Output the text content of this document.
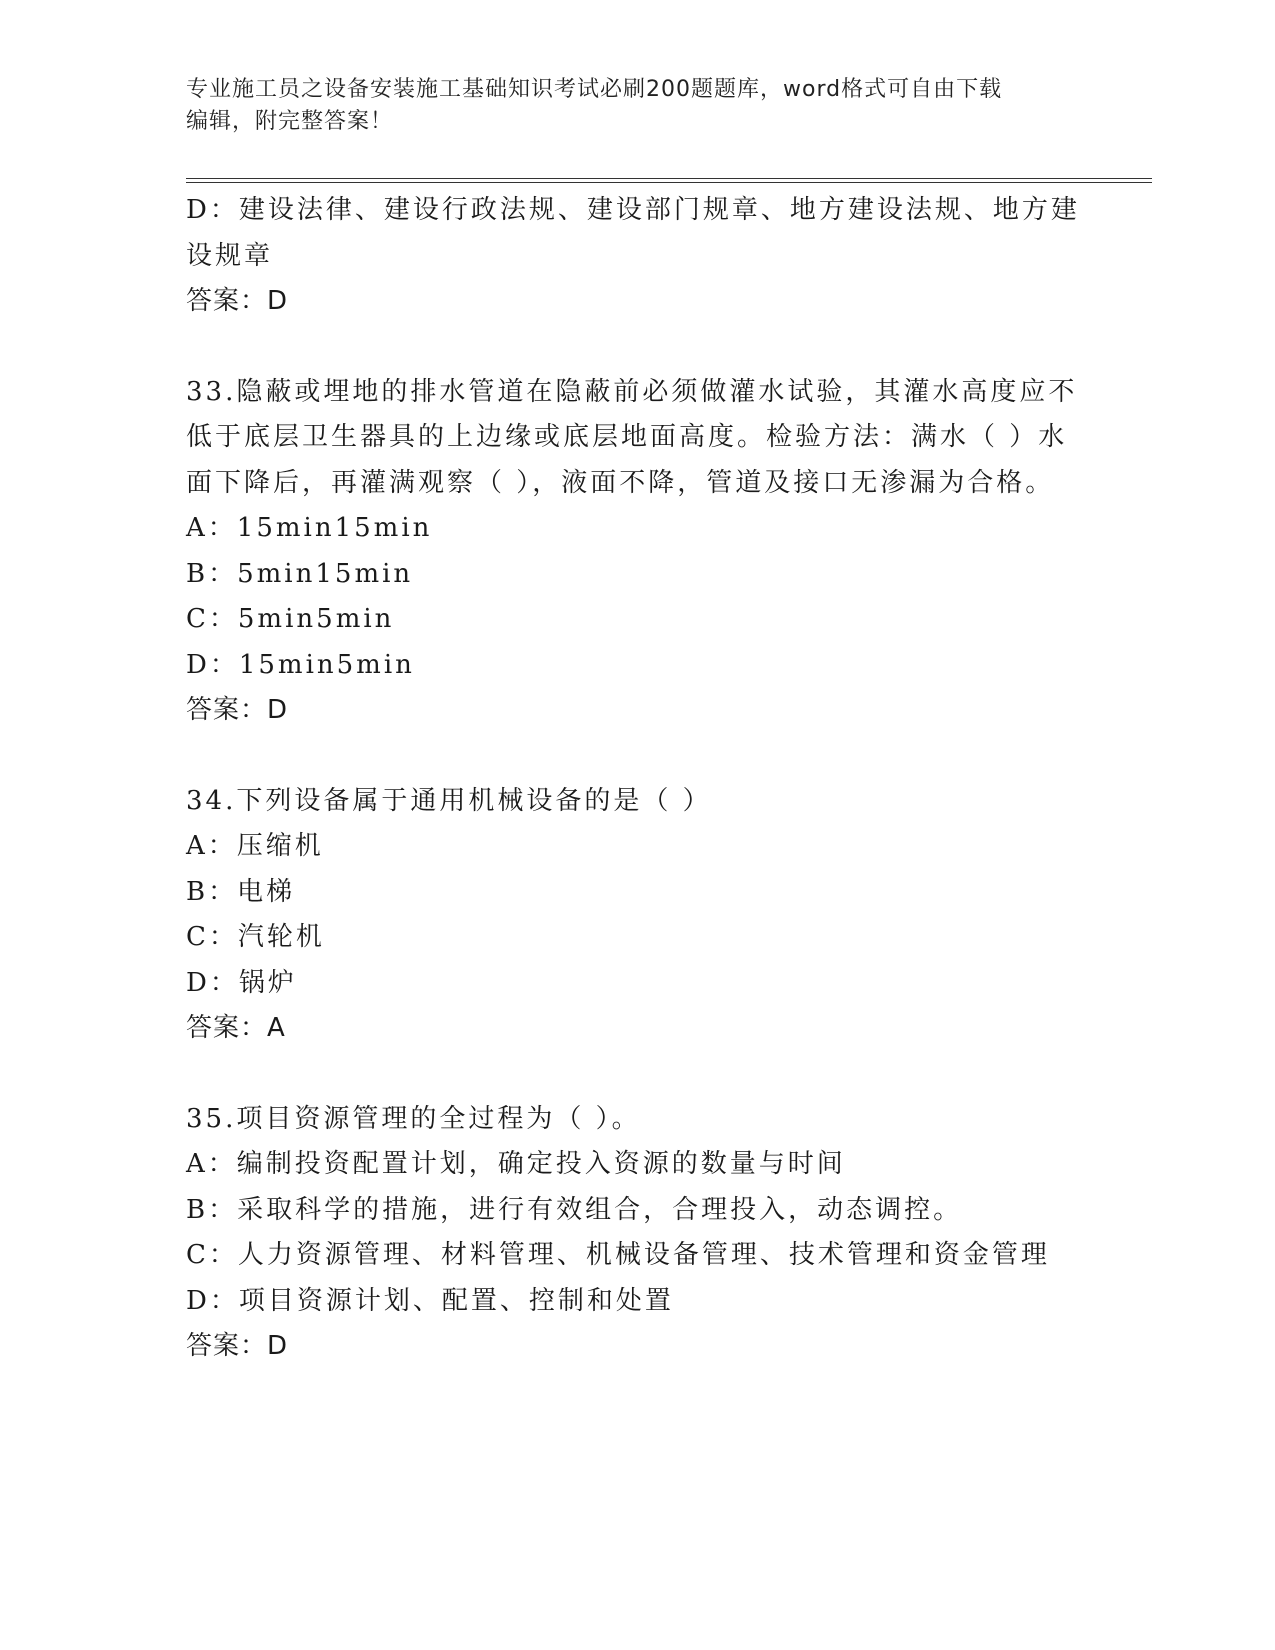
专业施工员之设备安装施工基础知识考试必刷200题题库，word格式可自由下载
编辑，附完整答案！
D：建设法律、建设行政法规、建设部门规章、地方建设法规、地方建
设规章
答案：D
33.隐蔽或埋地的排水管道在隐蔽前必须做灌水试验，其灌水高度应不
低于底层卫生器具的上边缘或底层地面高度。检验方法：满水（ ）水
面下降后，再灌满观察（ ），液面不降，管道及接口无渗漏为合格。
A：15min15min
B：5min15min
C：5min5min
D：15min5min
答案：D
34.下列设备属于通用机械设备的是（ ）
A：压缩机
B：电梯
C：汽轮机
D：锅炉
答案：A
35.项目资源管理的全过程为（ ）。
A：编制投资配置计划，确定投入资源的数量与时间
B：采取科学的措施，进行有效组合，合理投入，动态调控。
C：人力资源管理、材料管理、机械设备管理、技术管理和资金管理
D：项目资源计划、配置、控制和处置
答案：D
